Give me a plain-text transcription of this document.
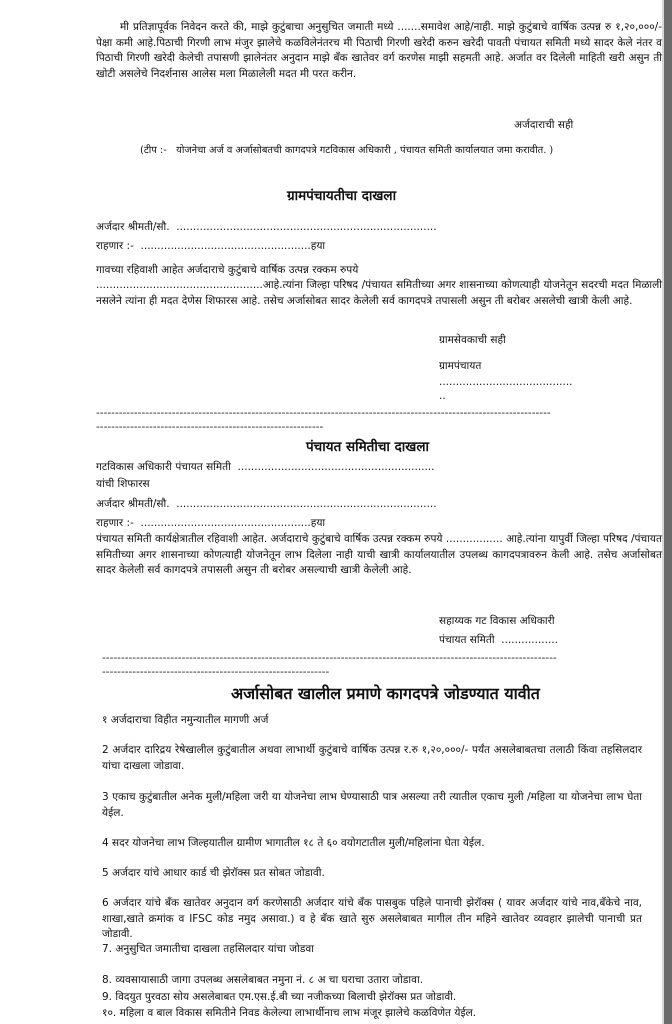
मी प्रतिज्ञापूर्वक निवेदन करते की, माझे कुटुंबाचा अनुसुचित जमाती मध्ये .......समावेश आहे/नाही. माझे कुटुंबाचे वार्षिक उत्पन्न रु १,२०,०००/- पेक्षा कमी आहे.पिठाची गिरणी लाभ मंजुर झालेचे कळविलेनंतरच मी पिठाची गिरणी खरेदी करुन खरेदी पावती पंचायत समिती मध्ये सादर केले नंतर व पिठाची गिरणी खरेदी केलेची तपासणी झालेनंतर अनुदान माझे बँक खातेवर वर्ग करणेस माझी सहमती आहे. अर्जात वर दिलेली माहिती खरी असुन ती खोटी असलेचे निदर्शनास आलेस मला मिळालेली मदत मी परत करीन.
अर्जदाराची सही
(टीप :-   योजनेचा अर्ज व अर्जासोबतची कागदपत्रे गटविकास अधिकारी , पंचायत समिती कार्यालयात जमा करावीत. )
ग्रामपंचायतीचा दाखला
अर्जदार श्रीमती/सौ.  ..............................................................................
राहणार :-  ...................................................हया
गावच्या रहिवाशी आहेत अर्जदाराचे कुटुंबाचे वार्षिक उत्पन्न रक्कम रुपये
..................................................आहे.त्यांना जिल्हा परिषद /पंचायत समितीच्या अगर शासनाच्या कोणत्याही योजनेतून सदरची मदत मिळाली नसलेने त्यांना ही मदत देणेस शिफारस आहे. तसेच अर्जासोबत सादर केलेली सर्व कागदपत्रे तपासली असुन ती बरोबर असलेची खात्री केली आहे.
ग्रामसेवकाची सही
ग्रामपंचायत
........................................
..
------------------------------------------------------------------------------------------------------------------------
------------------------------------------------------------
पंचायत समितीचा दाखला
गटविकास अधिकारी पंचायत समिती  ...........................................................
यांची शिफारस
अर्जदार श्रीमती/सौ.  ..............................................................................
राहणार :-  ...................................................हया
पंचायत समिती कार्यक्षेत्रातील रहिवाशी आहेत. अर्जदाराचे कुटुंबाचे वार्षिक उत्पन्न रक्कम रुपये ................. आहे.त्यांना यापुर्वी जिल्हा परिषद /पंचायत समितीच्या अगर शासनाच्या कोणत्याही योजनेतून लाभ दिलेला नाही याची खात्री कार्यालयातील उपलब्ध कागदपत्रावरुन केली आहे. तसेच अर्जासोबत सादर केलेली सर्व कागदपत्रे तपासली असुन ती बरोबर असल्याची खात्री केलेली आहे.
सहाय्यक गट विकास अधिकारी
पंचायत समिती  .................
------------------------------------------------------------------------------------------------------------------------
------------------------------------------------------------
अर्जासोबत खालील प्रमाणे कागदपत्रे जोडण्यात यावीत
१ अर्जदाराचा विहीत नमुन्यातील मागणी अर्ज
2 अर्जदार दारिद्रय रेषेखालील कुटुंबातील अथवा लाभार्थी कुटुंबाचे वार्षिक उत्पन्न र.रु १,२०,०००/- पर्यंत असलेबाबतचा तलाठी किंवा तहसिलदार यांचा दाखला जोडावा.
3 एकाच कुटुंबातील अनेक मुली/महिला जरी या योजनेचा लाभ घेण्यासाठी पात्र असल्या तरी त्यातील एकाच मुली /महिला या योजनेचा लाभ घेता येईल.
4 सदर योजनेचा लाभ जिल्हयातील ग्रामीण भागातील १८ ते ६० वयोगटातील मुली/महिलांना घेता येईल.
5 अर्जदार यांचे आधार कार्ड ची झेरॉक्स प्रत सोबत जोडावी.
6 अर्जदार यांचे बँक खातेवर अनुदान वर्ग करणेसाठी अर्जदार यांचे बँक पासबुक पहिले पानाची झेरॉक्स ( यावर अर्जदार यांचे नाव,बँकेचे नाव, शाखा,खाते क्रमांक व IFSC कोड नमुद असावा.) व हे बँक खाते सुरु असलेबाबत मागील तीन महिने खातेवर व्यवहार झालेची पानाची प्रत जोडावी.
7. अनुसुचित जमातीचा दाखला तहसिलदार यांचा जोडवा
8. व्यवसायासाठी जागा उपलब्ध असलेबाबत नमुना नं. ८ अ चा घराचा उतारा जोडावा.
9. विदयुत पुरवठा सोय असलेबाबत एम.एस.ई.बी च्या नजीकच्या बिलाची झेरॉक्स प्रत जोडावी.
१०. महिला व बाल विकास समितीने निवड केलेल्या लाभार्थीनाच लाभ मंजूर झालेचे कळविणेत येईल.
